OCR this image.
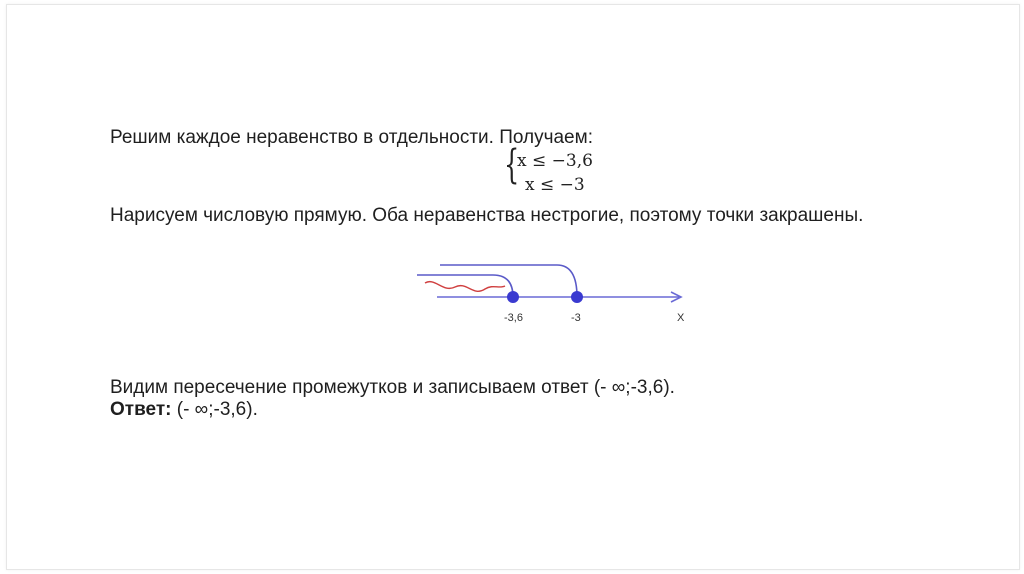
Решим каждое неравенство в отдельности. Получаем:
{
x ≤ −3,6
x ≤ −3
Нарисуем числовую прямую. Оба неравенства нестрогие, поэтому точки закрашены.
-3,6	-3	X
Видим пересечение промежутков и записываем ответ (- ∞;-3,6).
Ответ: (- ∞;-3,6).
